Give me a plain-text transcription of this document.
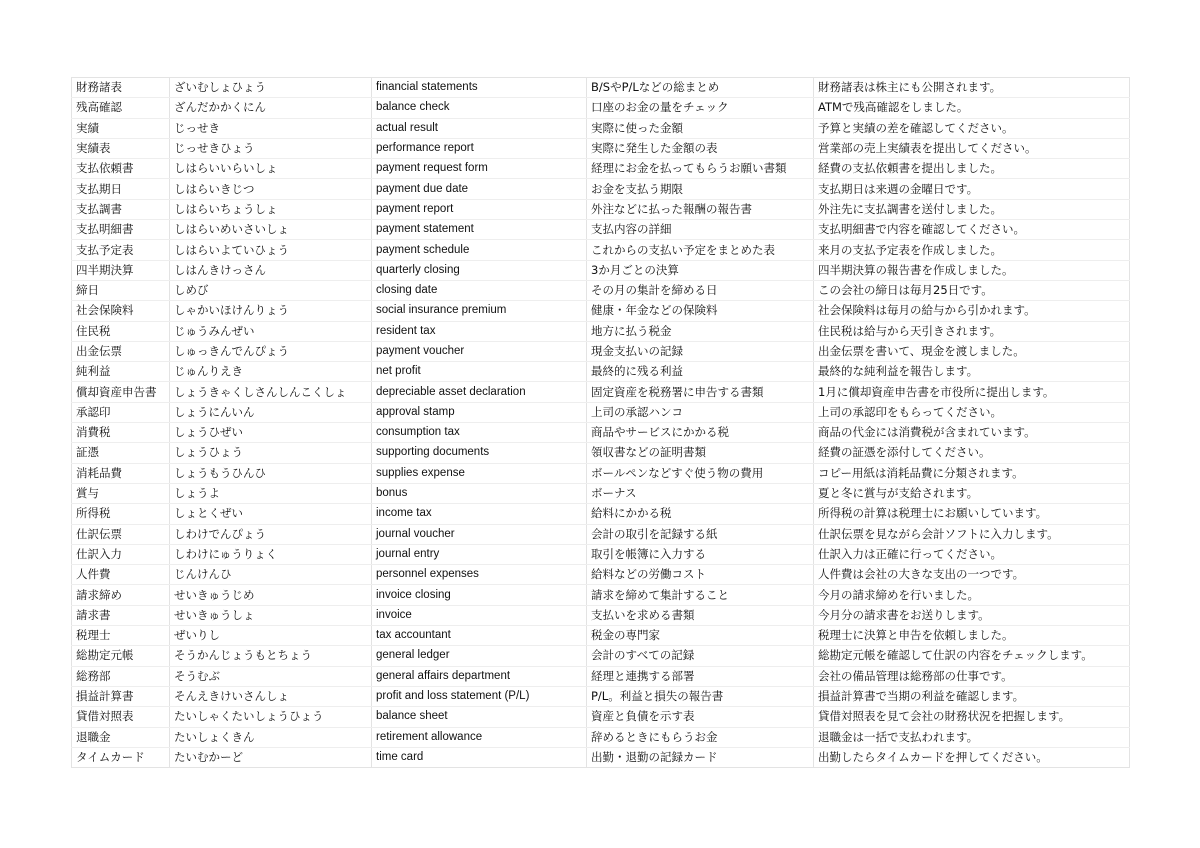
財務諸表	ざいむしょひょう	financial statements	B/SやP/Lなどの総まとめ	財務諸表は株主にも公開されます。
残高確認	ざんだかかくにん	balance check	口座のお金の量をチェック	ATMで残高確認をしました。
実績	じっせき	actual result	実際に使った金額	予算と実績の差を確認してください。
実績表	じっせきひょう	performance report	実際に発生した金額の表	営業部の売上実績表を提出してください。
支払依頼書	しはらいいらいしょ	payment request form	経理にお金を払ってもらうお願い書類	経費の支払依頼書を提出しました。
支払期日	しはらいきじつ	payment due date	お金を支払う期限	支払期日は来週の金曜日です。
支払調書	しはらいちょうしょ	payment report	外注などに払った報酬の報告書	外注先に支払調書を送付しました。
支払明細書	しはらいめいさいしょ	payment statement	支払内容の詳細	支払明細書で内容を確認してください。
支払予定表	しはらいよていひょう	payment schedule	これからの支払い予定をまとめた表	来月の支払予定表を作成しました。
四半期決算	しはんきけっさん	quarterly closing	3か月ごとの決算	四半期決算の報告書を作成しました。
締日	しめび	closing date	その月の集計を締める日	この会社の締日は毎月25日です。
社会保険料	しゃかいほけんりょう	social insurance premium	健康・年金などの保険料	社会保険料は毎月の給与から引かれます。
住民税	じゅうみんぜい	resident tax	地方に払う税金	住民税は給与から天引きされます。
出金伝票	しゅっきんでんぴょう	payment voucher	現金支払いの記録	出金伝票を書いて、現金を渡しました。
純利益	じゅんりえき	net profit	最終的に残る利益	最終的な純利益を報告します。
償却資産申告書	しょうきゃくしさんしんこくしょ	depreciable asset declaration	固定資産を税務署に申告する書類	1月に償却資産申告書を市役所に提出します。
承認印	しょうにんいん	approval stamp	上司の承認ハンコ	上司の承認印をもらってください。
消費税	しょうひぜい	consumption tax	商品やサービスにかかる税	商品の代金には消費税が含まれています。
証憑	しょうひょう	supporting documents	領収書などの証明書類	経費の証憑を添付してください。
消耗品費	しょうもうひんひ	supplies expense	ボールペンなどすぐ使う物の費用	コピー用紙は消耗品費に分類されます。
賞与	しょうよ	bonus	ボーナス	夏と冬に賞与が支給されます。
所得税	しょとくぜい	income tax	給料にかかる税	所得税の計算は税理士にお願いしています。
仕訳伝票	しわけでんぴょう	journal voucher	会計の取引を記録する紙	仕訳伝票を見ながら会計ソフトに入力します。
仕訳入力	しわけにゅうりょく	journal entry	取引を帳簿に入力する	仕訳入力は正確に行ってください。
人件費	じんけんひ	personnel expenses	給料などの労働コスト	人件費は会社の大きな支出の一つです。
請求締め	せいきゅうじめ	invoice closing	請求を締めて集計すること	今月の請求締めを行いました。
請求書	せいきゅうしょ	invoice	支払いを求める書類	今月分の請求書をお送りします。
税理士	ぜいりし	tax accountant	税金の専門家	税理士に決算と申告を依頼しました。
総勘定元帳	そうかんじょうもとちょう	general ledger	会計のすべての記録	総勘定元帳を確認して仕訳の内容をチェックします。
総務部	そうむぶ	general affairs department	経理と連携する部署	会社の備品管理は総務部の仕事です。
損益計算書	そんえきけいさんしょ	profit and loss statement (P/L)	P/L。利益と損失の報告書	損益計算書で当期の利益を確認します。
貸借対照表	たいしゃくたいしょうひょう	balance sheet	資産と負債を示す表	貸借対照表を見て会社の財務状況を把握します。
退職金	たいしょくきん	retirement allowance	辞めるときにもらうお金	退職金は一括で支払われます。
タイムカード	たいむかーど	time card	出勤・退勤の記録カード	出勤したらタイムカードを押してください。
